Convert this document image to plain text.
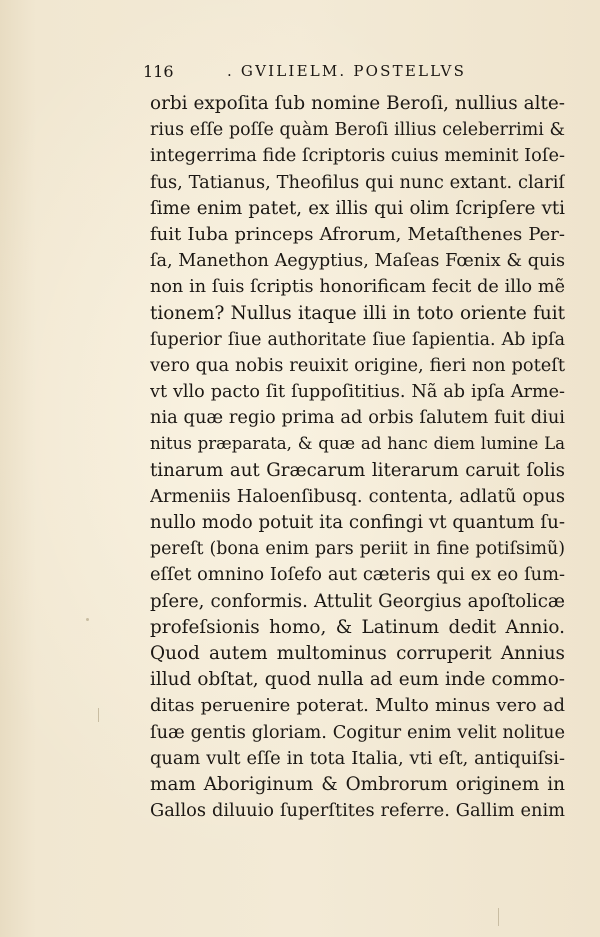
116	. GVILIELM. POSTELLVS
orbi expoſita ſub nomine Beroſi, nullius alte-
rius eſſe poſſe quàm Beroſi illius celeberrimi &
integerrima fide ſcriptoris cuius meminit Ioſe-
fus, Tatianus, Theofilus qui nunc extant. clariſ
ſime enim patet, ex illis qui olim ſcripſere vti
fuit Iuba princeps Afrorum, Metaſthenes Per-
ſa, Manethon Aegyptius, Maſeas Fœnix & quis
non in ſuis ſcriptis honorificam fecit de illo mẽ
tionem? Nullus itaque illi in toto oriente fuit
ſuperior ſiue authoritate ſiue ſapientia. Ab ipſa
vero qua nobis reuixit origine, fieri non poteſt
vt vllo pacto ſit ſuppoſititius. Nã ab ipſa Arme-
nia quæ regio prima ad orbis ſalutem fuit diui
nitus præparata, & quæ ad hanc diem lumine La
tinarum aut Græcarum literarum caruit ſolis
Armeniis Haloenſibusq. contenta, adlatũ opus
nullo modo potuit ita confingi vt quantum ſu-
pereſt (bona enim pars periit in fine potiſsimũ)
eſſet omnino Ioſefo aut cæteris qui ex eo ſum-
pſere, conformis. Attulit Georgius apoſtolicæ
profeſsionis homo, & Latinum dedit Annio.
Quod autem multominus corruperit Annius
illud obſtat, quod nulla ad eum inde commo-
ditas peruenire poterat. Multo minus vero ad
ſuæ gentis gloriam. Cogitur enim velit nolitue
quam vult eſſe in tota Italia, vti eſt, antiquiſsi-
mam Aboriginum & Ombrorum originem in
Gallos diluuio ſuperſtites referre. Gallim enim
